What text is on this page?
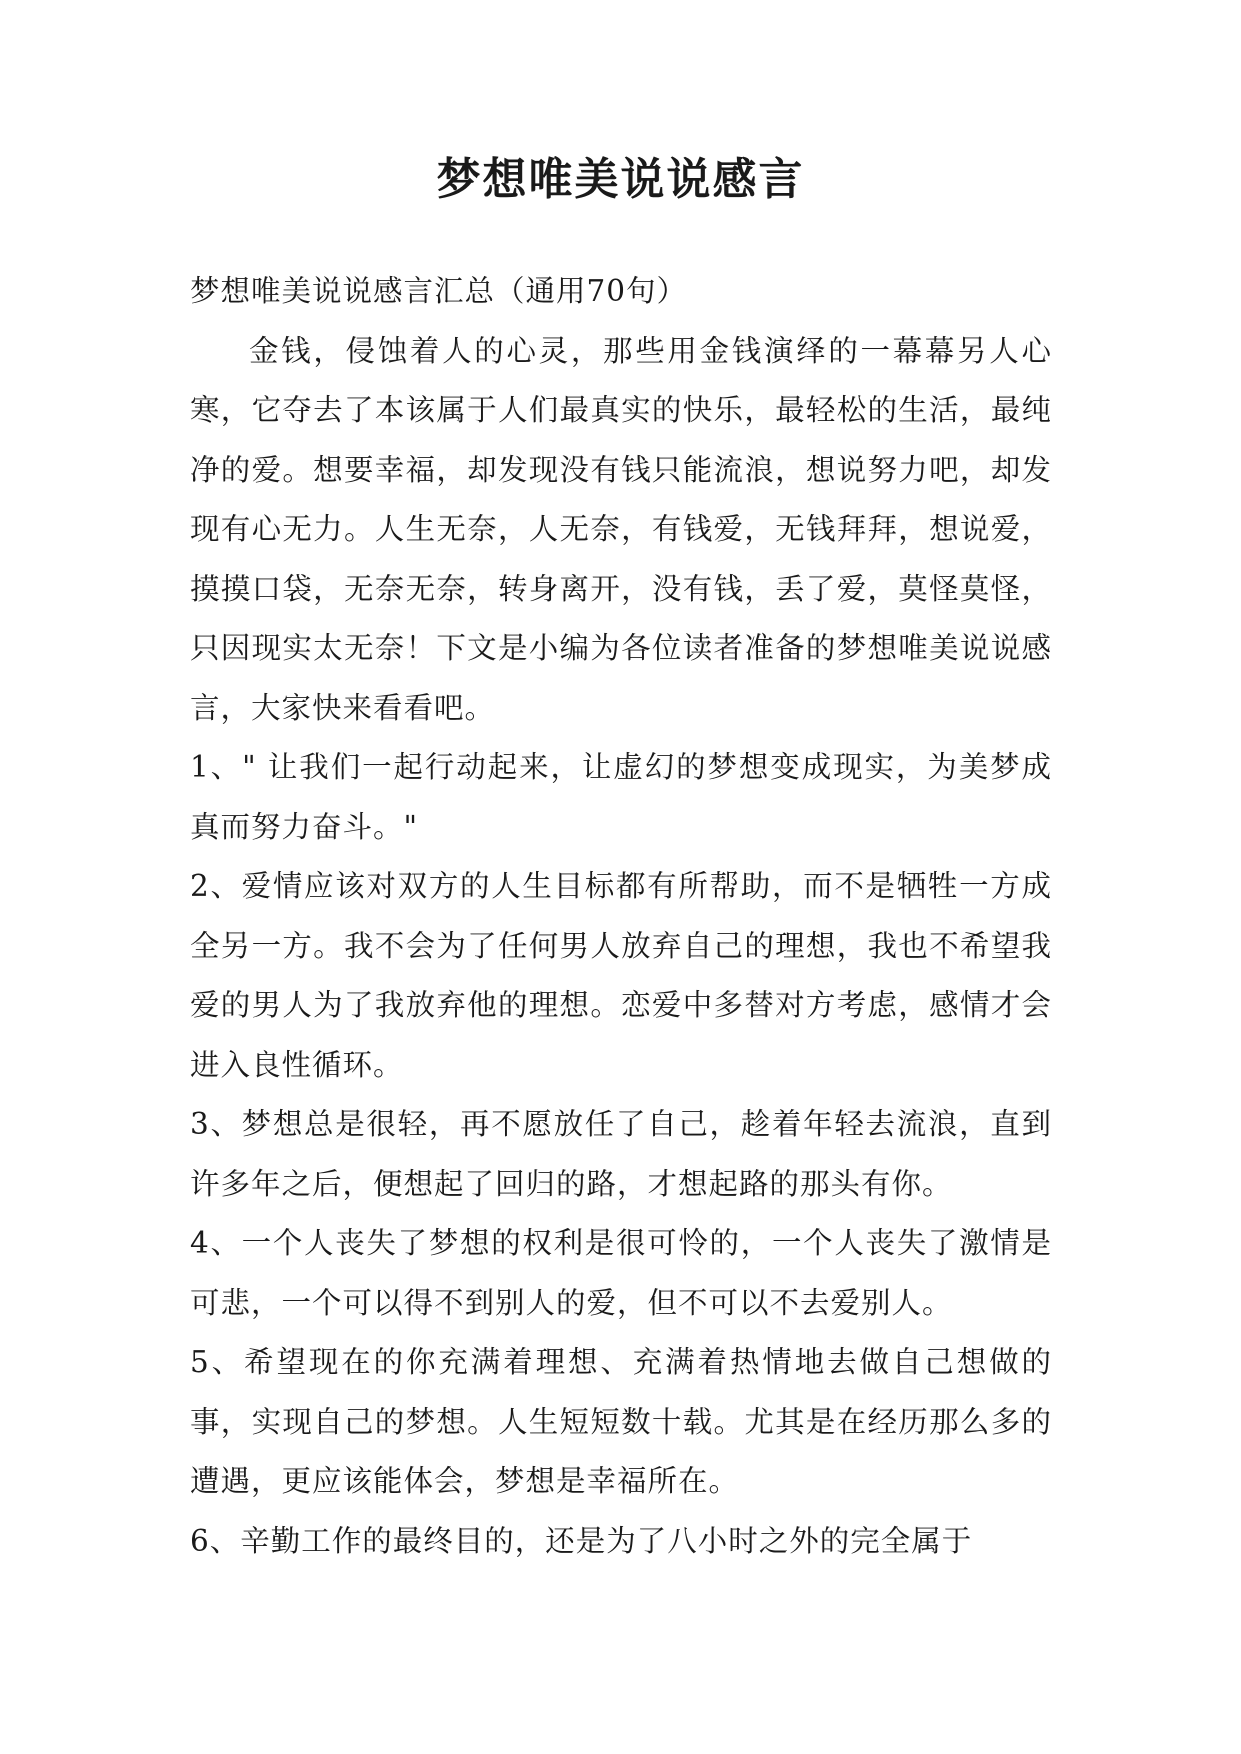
梦想唯美说说感言

梦想唯美说说感言汇总（通用70句）

金钱，侵蚀着人的心灵，那些用金钱演绎的一幕幕另人心寒，它夺去了本该属于人们最真实的快乐，最轻松的生活，最纯净的爱。想要幸福，却发现没有钱只能流浪，想说努力吧，却发现有心无力。人生无奈，人无奈，有钱爱，无钱拜拜，想说爱，摸摸口袋，无奈无奈，转身离开，没有钱，丢了爱，莫怪莫怪，只因现实太无奈！下文是小编为各位读者准备的梦想唯美说说感言，大家快来看看吧。

1、" 让我们一起行动起来，让虚幻的梦想变成现实，为美梦成真而努力奋斗。"

2、爱情应该对双方的人生目标都有所帮助，而不是牺牲一方成全另一方。我不会为了任何男人放弃自己的理想，我也不希望我爱的男人为了我放弃他的理想。恋爱中多替对方考虑，感情才会进入良性循环。

3、梦想总是很轻，再不愿放任了自己，趁着年轻去流浪，直到许多年之后，便想起了回归的路，才想起路的那头有你。

4、一个人丧失了梦想的权利是很可怜的，一个人丧失了激情是可悲，一个可以得不到别人的爱，但不可以不去爱别人。

5、希望现在的你充满着理想、充满着热情地去做自己想做的事，实现自己的梦想。人生短短数十载。尤其是在经历那么多的遭遇，更应该能体会，梦想是幸福所在。

6、辛勤工作的最终目的，还是为了八小时之外的完全属于
